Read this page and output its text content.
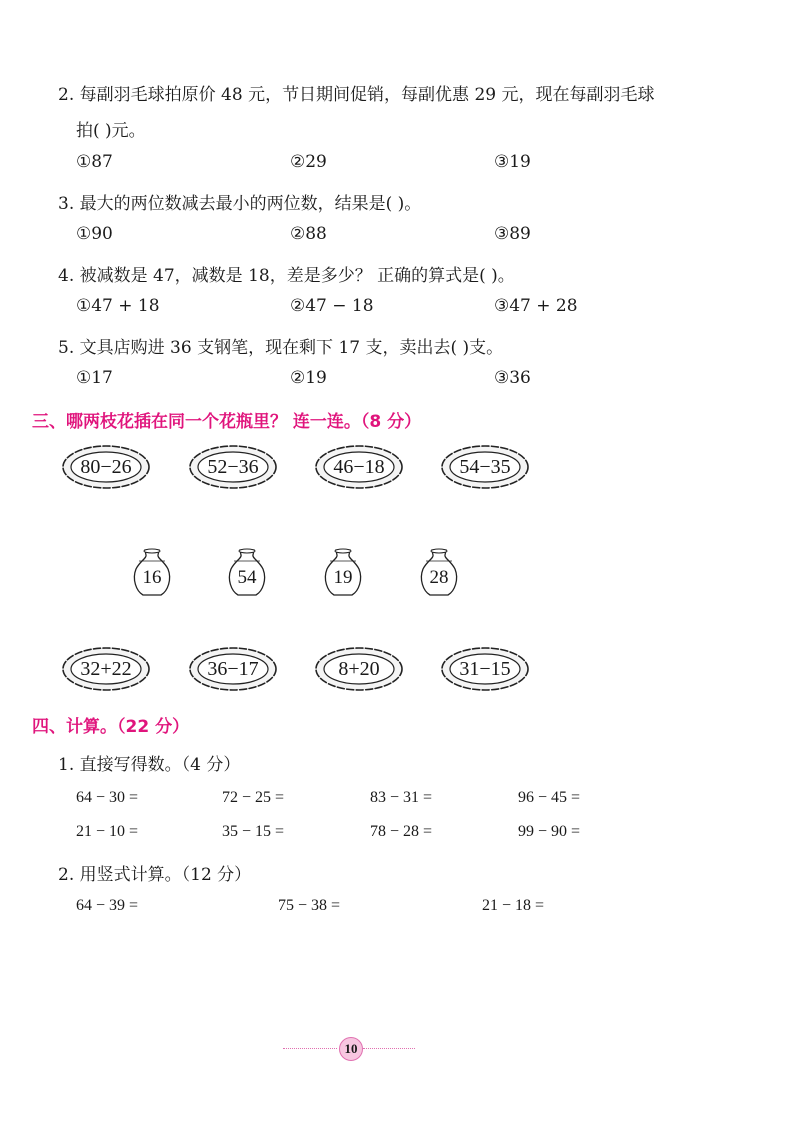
2. 每副羽毛球拍原价 48 元，节日期间促销，每副优惠 29 元，现在每副羽毛球
拍( )元。
①87	②29	③19
3. 最大的两位数减去最小的两位数，结果是( )。
①90	②88	③89
4. 被减数是 47，减数是 18，差是多少？ 正确的算式是( )。
①47 + 18	②47 − 18	③47 + 28
5. 文具店购进 36 支钢笔，现在剩下 17 支，卖出去( )支。
①17	②19	③36
三、哪两枝花插在同一个花瓶里？ 连一连。（8 分）
80−26	52−36	46−18	54−35
16	54	19	28
32+22	36−17	8+20	31−15
四、计算。（22 分）
1. 直接写得数。（4 分）
64 − 30 =	72 − 25 =	83 − 31 =	96 − 45 =
21 − 10 =	35 − 15 =	78 − 28 =	99 − 90 =
2. 用竖式计算。（12 分）
64 − 39 =	75 − 38 =	21 − 18 =
10
